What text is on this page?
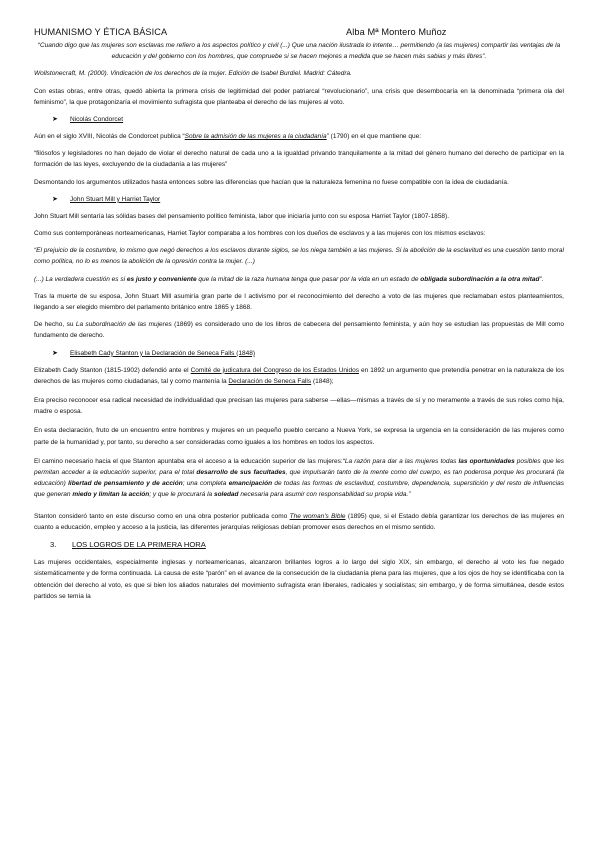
HUMANISMO Y ÉTICA BÁSICA	Alba Mª Montero Muñoz

“Cuando digo que las mujeres son esclavas me refiero a los aspectos político y civil (...) Que una nación ilustrada lo intente… permitiendo (a las mujeres) compartir las ventajas de la educación y del gobierno con los hombres, que compruebe si se hacen mejores a medida que se hacen más sabias y más libres”.

Wollstonecraft, M. (2000). Vindicación de los derechos de la mujer. Edición de Isabel Burdiel. Madrid: Cátedra.

Con estas obras, entre otras, quedó abierta la primera crisis de legitimidad del poder patriarcal “revolucionario”, una crisis que desembocaría en la denominada “primera ola del feminismo”, la que protagonizaría el movimiento sufragista que planteaba el derecho de las mujeres al voto.

➤	Nicolás Condorcet

Aún en el siglo XVIII, Nicolás de Condorcet publica “Sobre la admisión de las mujeres a la ciudadanía” (1790) en el que mantiene que:

“filósofos y legisladores no han dejado de violar el derecho natural de cada uno a la igualdad privando tranquilamente a la mitad del género humano del derecho de participar en la formación de las leyes, excluyendo de la ciudadanía a las mujeres”

Desmontando los argumentos utilizados hasta entonces sobre las diferencias que hacían que la naturaleza femenina no fuese compatible con la idea de ciudadanía.

➤	John Stuart Mill y Harriet Taylor

John Stuart Mill sentaría las sólidas bases del pensamiento político feminista, labor que iniciaría junto con su esposa Harriet Taylor (1807-1858).

Como sus contemporáneas norteamericanas, Harriet Taylor comparaba a los hombres con los dueños de esclavos y a las mujeres con los mismos esclavos:

“El prejuicio de la costumbre, lo mismo que negó derechos a los esclavos durante siglos, se los niega también a las mujeres. Si la abolición de la esclavitud es una cuestión tanto moral como política, no lo es menos la abolición de la opresión contra la mujer. (...)

(...) La verdadera cuestión es si es justo y conveniente que la mitad de la raza humana tenga que pasar por la vida en un estado de obligada subordinación a la otra mitad”.

Tras la muerte de su esposa, John Stuart Mill asumiría gran parte de l activismo por el reconocimiento del derecho a voto de las mujeres que reclamaban estos planteamientos, llegando a ser elegido miembro del parlamento británico entre 1865 y 1868.

De hecho, su La subordinación de las mujeres (1869) es considerado uno de los libros de cabecera del pensamiento feminista, y aún hoy se estudian las propuestas de Mill como fundamento de derecho.

➤	Elisabeth Cady Stanton y la Declaración de Seneca Falls (1848)

Elizabeth Cady Stanton (1815-1902) defendió ante el Comité de judicatura del Congreso de los Estados Unidos en 1892 un argumento que pretendía penetrar en la naturaleza de los derechos de las mujeres como ciudadanas, tal y como mantenía la Declaración de Seneca Falls (1848);

Era preciso reconocer esa radical necesidad de individualidad que precisan las mujeres para saberse —ellas—mismas a través de sí y no meramente a través de sus roles como hija, madre o esposa.

En esta declaración, fruto de un encuentro entre hombres y mujeres en un pequeño pueblo cercano a Nueva York, se expresa la urgencia en la consideración de las mujeres como parte de la humanidad y, por tanto, su derecho a ser consideradas como iguales a los hombres en todos los aspectos.

El camino necesario hacia el que Stanton apuntaba era el acceso a la educación superior de las mujeres:“La razón para dar a las mujeres todas las oportunidades posibles que les permitan acceder a la educación superior, para el total desarrollo de sus facultades, que impulsarán tanto de la mente como del cuerpo, es tan poderosa porque les procurará (la educación) libertad de pensamiento y de acción; una completa emancipación de todas las formas de esclavitud, costumbre, dependencia, superstición y del resto de influencias que generan miedo y limitan la acción; y que le procurará la soledad necesaria para asumir con responsabilidad su propia vida.”

Stanton consideró tanto en este discurso como en una obra posterior publicada como The woman's Bible (1895) que, si el Estado debía garantizar los derechos de las mujeres en cuanto a educación, empleo y acceso a la justicia, las diferentes jerarquías religiosas debían promover esos derechos en el mismo sentido.

3.	LOS LOGROS DE LA PRIMERA HORA

Las mujeres occidentales, especialmente inglesas y norteamericanas, alcanzaron brillantes logros a lo largo del siglo XIX, sin embargo, el derecho al voto les fue negado sistemáticamente y de forma continuada. La causa de este “parón” en el avance de la consecución de la ciudadanía plena para las mujeres, que a los ojos de hoy se identificaba con la obtención del derecho al voto, es que si bien los aliados naturales del movimiento sufragista eran liberales, radicales y socialistas; sin embargo, y de forma simultánea, desde estos partidos se temía la
